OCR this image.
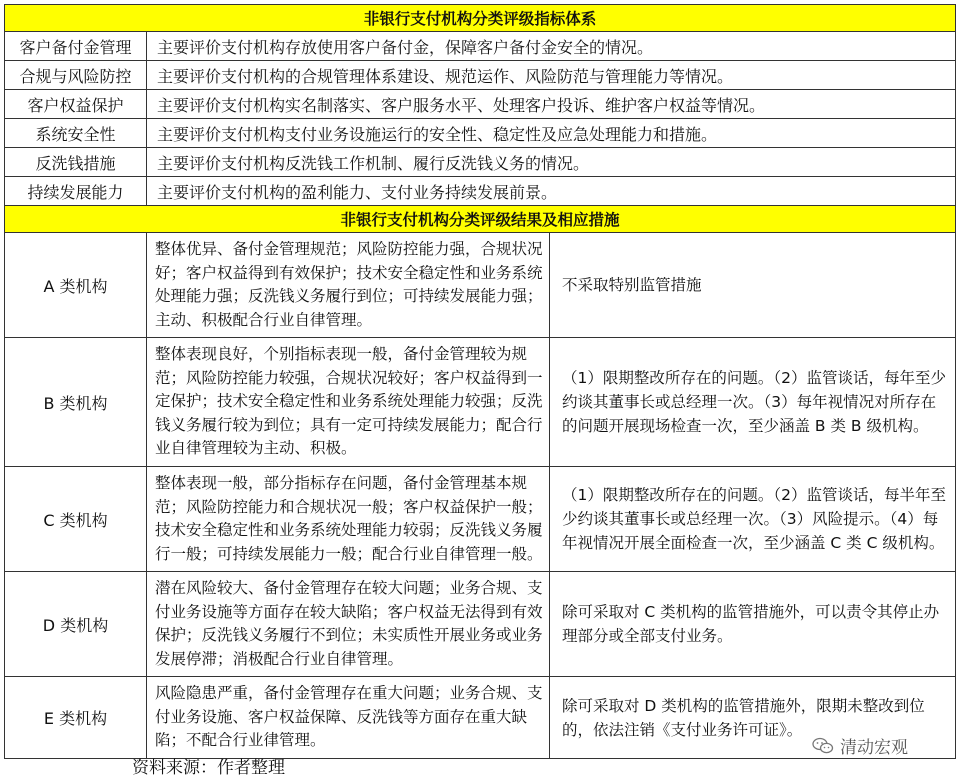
非银行支付机构分类评级指标体系		
客户备付金管理	主要评价支付机构存放使用客户备付金，保障客户备付金安全的情况。	
合规与风险防控	主要评价支付机构的合规管理体系建设、规范运作、风险防范与管理能力等情况。	
客户权益保护	主要评价支付机构实名制落实、客户服务水平、处理客户投诉、维护客户权益等情况。	
系统安全性	主要评价支付机构支付业务设施运行的安全性、稳定性及应急处理能力和措施。	
反洗钱措施	主要评价支付机构反洗钱工作机制、履行反洗钱义务的情况。	
持续发展能力	主要评价支付机构的盈利能力、支付业务持续发展前景。	
非银行支付机构分类评级结果及相应措施		
A 类机构	整体优异、备付金管理规范；风险防控能力强，合规状况好；客户权益得到有效保护；技术安全稳定性和业务系统处理能力强；反洗钱义务履行到位；可持续发展能力强；主动、积极配合行业自律管理。	不采取特别监管措施
B 类机构	整体表现良好，个别指标表现一般，备付金管理较为规范；风险防控能力较强，合规状况较好；客户权益得到一定保护；技术安全稳定性和业务系统处理能力较强；反洗钱义务履行较为到位；具有一定可持续发展能力；配合行业自律管理较为主动、积极。	（1）限期整改所存在的问题。（2）监管谈话，每年至少约谈其董事长或总经理一次。（3）每年视情况对所存在的问题开展现场检查一次，至少涵盖 B 类 B 级机构。
C 类机构	整体表现一般，部分指标存在问题，备付金管理基本规范；风险防控能力和合规状况一般；客户权益保护一般；技术安全稳定性和业务系统处理能力较弱；反洗钱义务履行一般；可持续发展能力一般；配合行业自律管理一般。	（1）限期整改所存在的问题。（2）监管谈话，每半年至少约谈其董事长或总经理一次。（3）风险提示。（4）每年视情况开展全面检查一次，至少涵盖 C 类 C 级机构。
D 类机构	潜在风险较大、备付金管理存在较大问题；业务合规、支付业务设施等方面存在较大缺陷；客户权益无法得到有效保护；反洗钱义务履行不到位；未实质性开展业务或业务发展停滞；消极配合行业自律管理。	除可采取对 C 类机构的监管措施外，可以责令其停止办理部分或全部支付业务。
E 类机构	风险隐患严重，备付金管理存在重大问题；业务合规、支付业务设施、客户权益保障、反洗钱等方面存在重大缺陷；不配合行业律管理。	除可采取对 D 类机构的监管措施外，限期未整改到位的，依法注销《支付业务许可证》。
资料来源：作者整理
清动宏观
